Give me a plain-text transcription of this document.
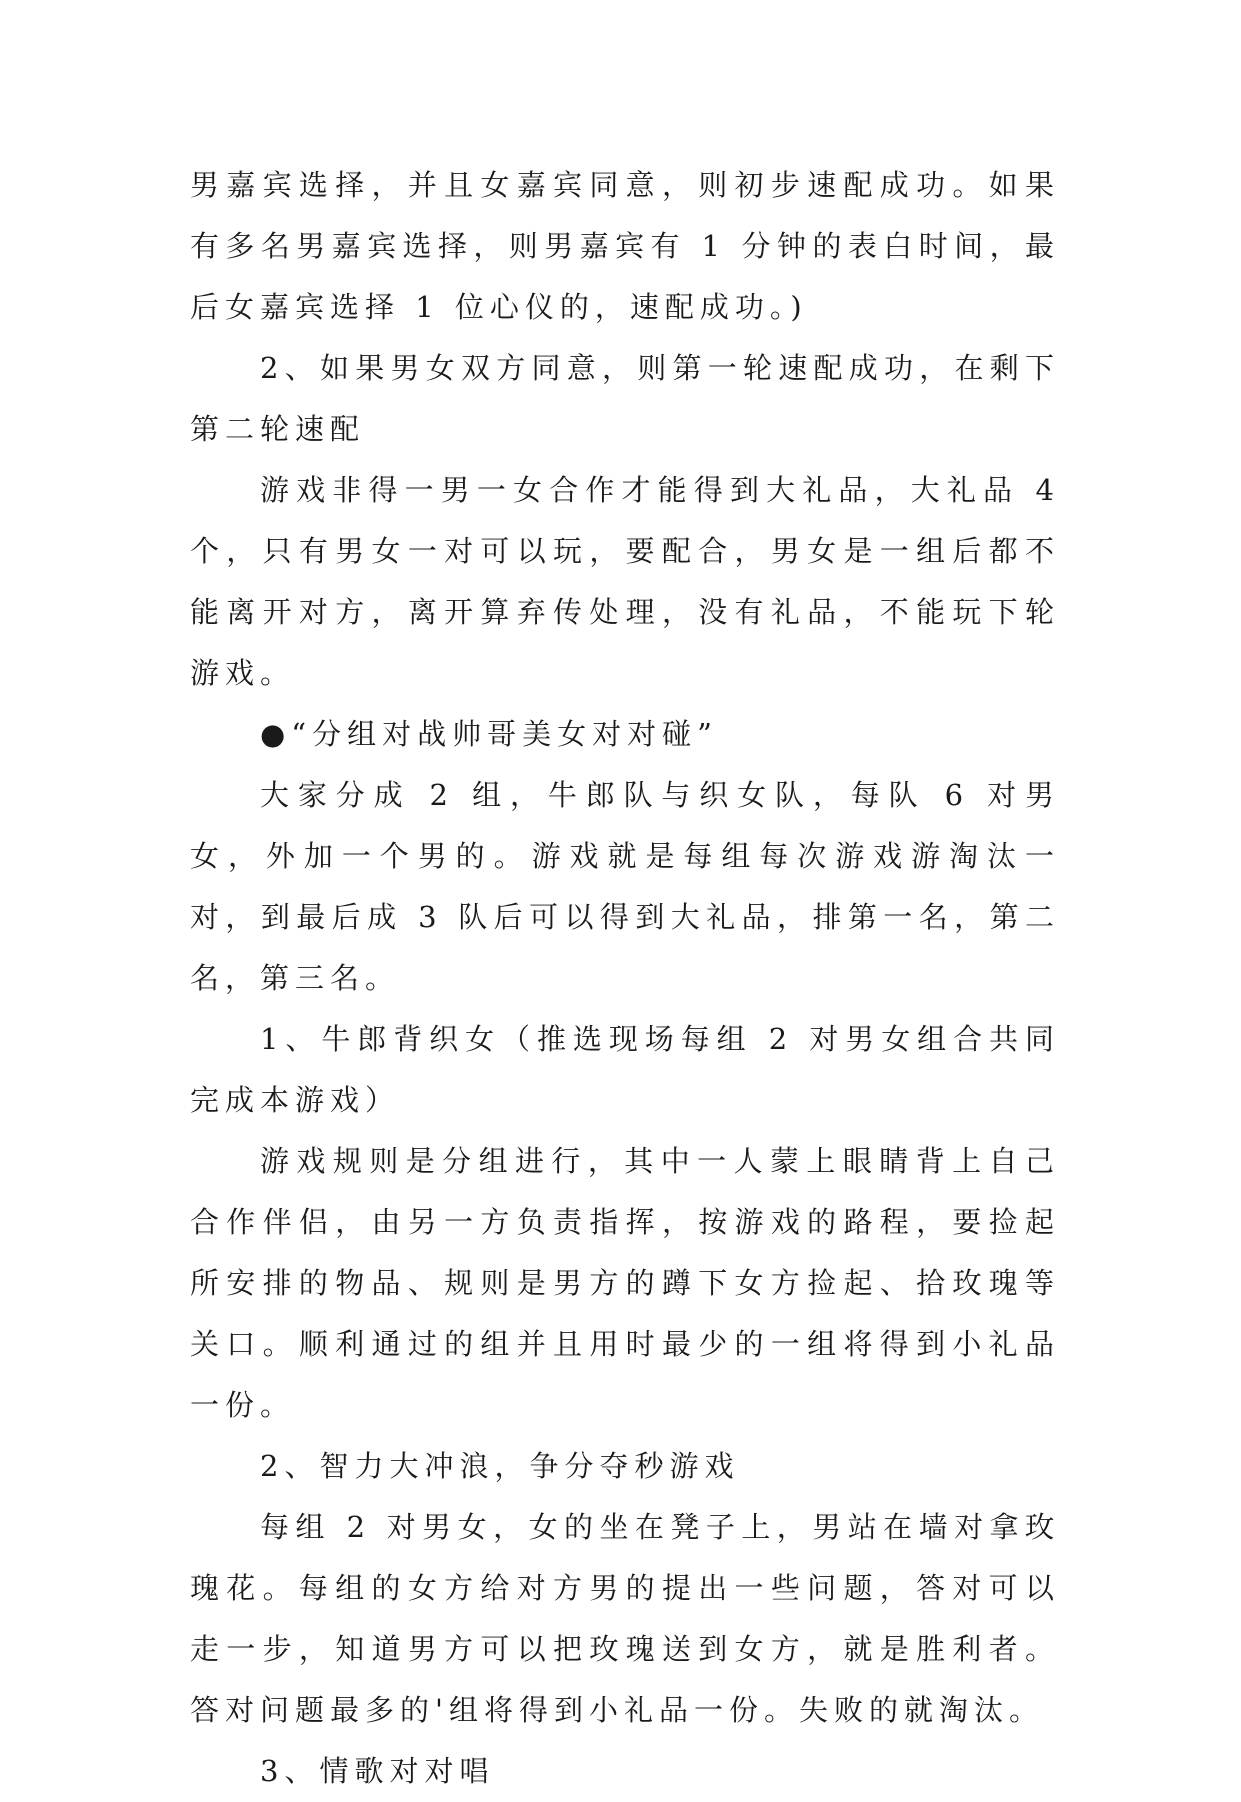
男嘉宾选择，并且女嘉宾同意，则初步速配成功。如果有多名男嘉宾选择，则男嘉宾有 1 分钟的表白时间，最后女嘉宾选择 1 位心仪的，速配成功。)

2、如果男女双方同意，则第一轮速配成功，在剩下第二轮速配

游戏非得一男一女合作才能得到大礼品，大礼品 4 个，只有男女一对可以玩，要配合，男女是一组后都不能离开对方，离开算弃传处理，没有礼品，不能玩下轮游戏。

●“分组对战帅哥美女对对碰”

大家分成 2 组，牛郎队与织女队，每队 6 对男女，外加一个男的。游戏就是每组每次游戏游淘汰一对，到最后成 3 队后可以得到大礼品，排第一名，第二名，第三名。

1、牛郎背织女（推选现场每组 2 对男女组合共同完成本游戏）

游戏规则是分组进行，其中一人蒙上眼睛背上自己合作伴侣，由另一方负责指挥，按游戏的路程，要捡起所安排的物品、规则是男方的蹲下女方捡起、拾玫瑰等关口。顺利通过的组并且用时最少的一组将得到小礼品一份。

2、智力大冲浪，争分夺秒游戏

每组 2 对男女，女的坐在凳子上，男站在墙对拿玫瑰花。每组的女方给对方男的提出一些问题，答对可以走一步，知道男方可以把玫瑰送到女方，就是胜利者。答对问题最多的'组将得到小礼品一份。失败的就淘汰。

3、情歌对对唱
